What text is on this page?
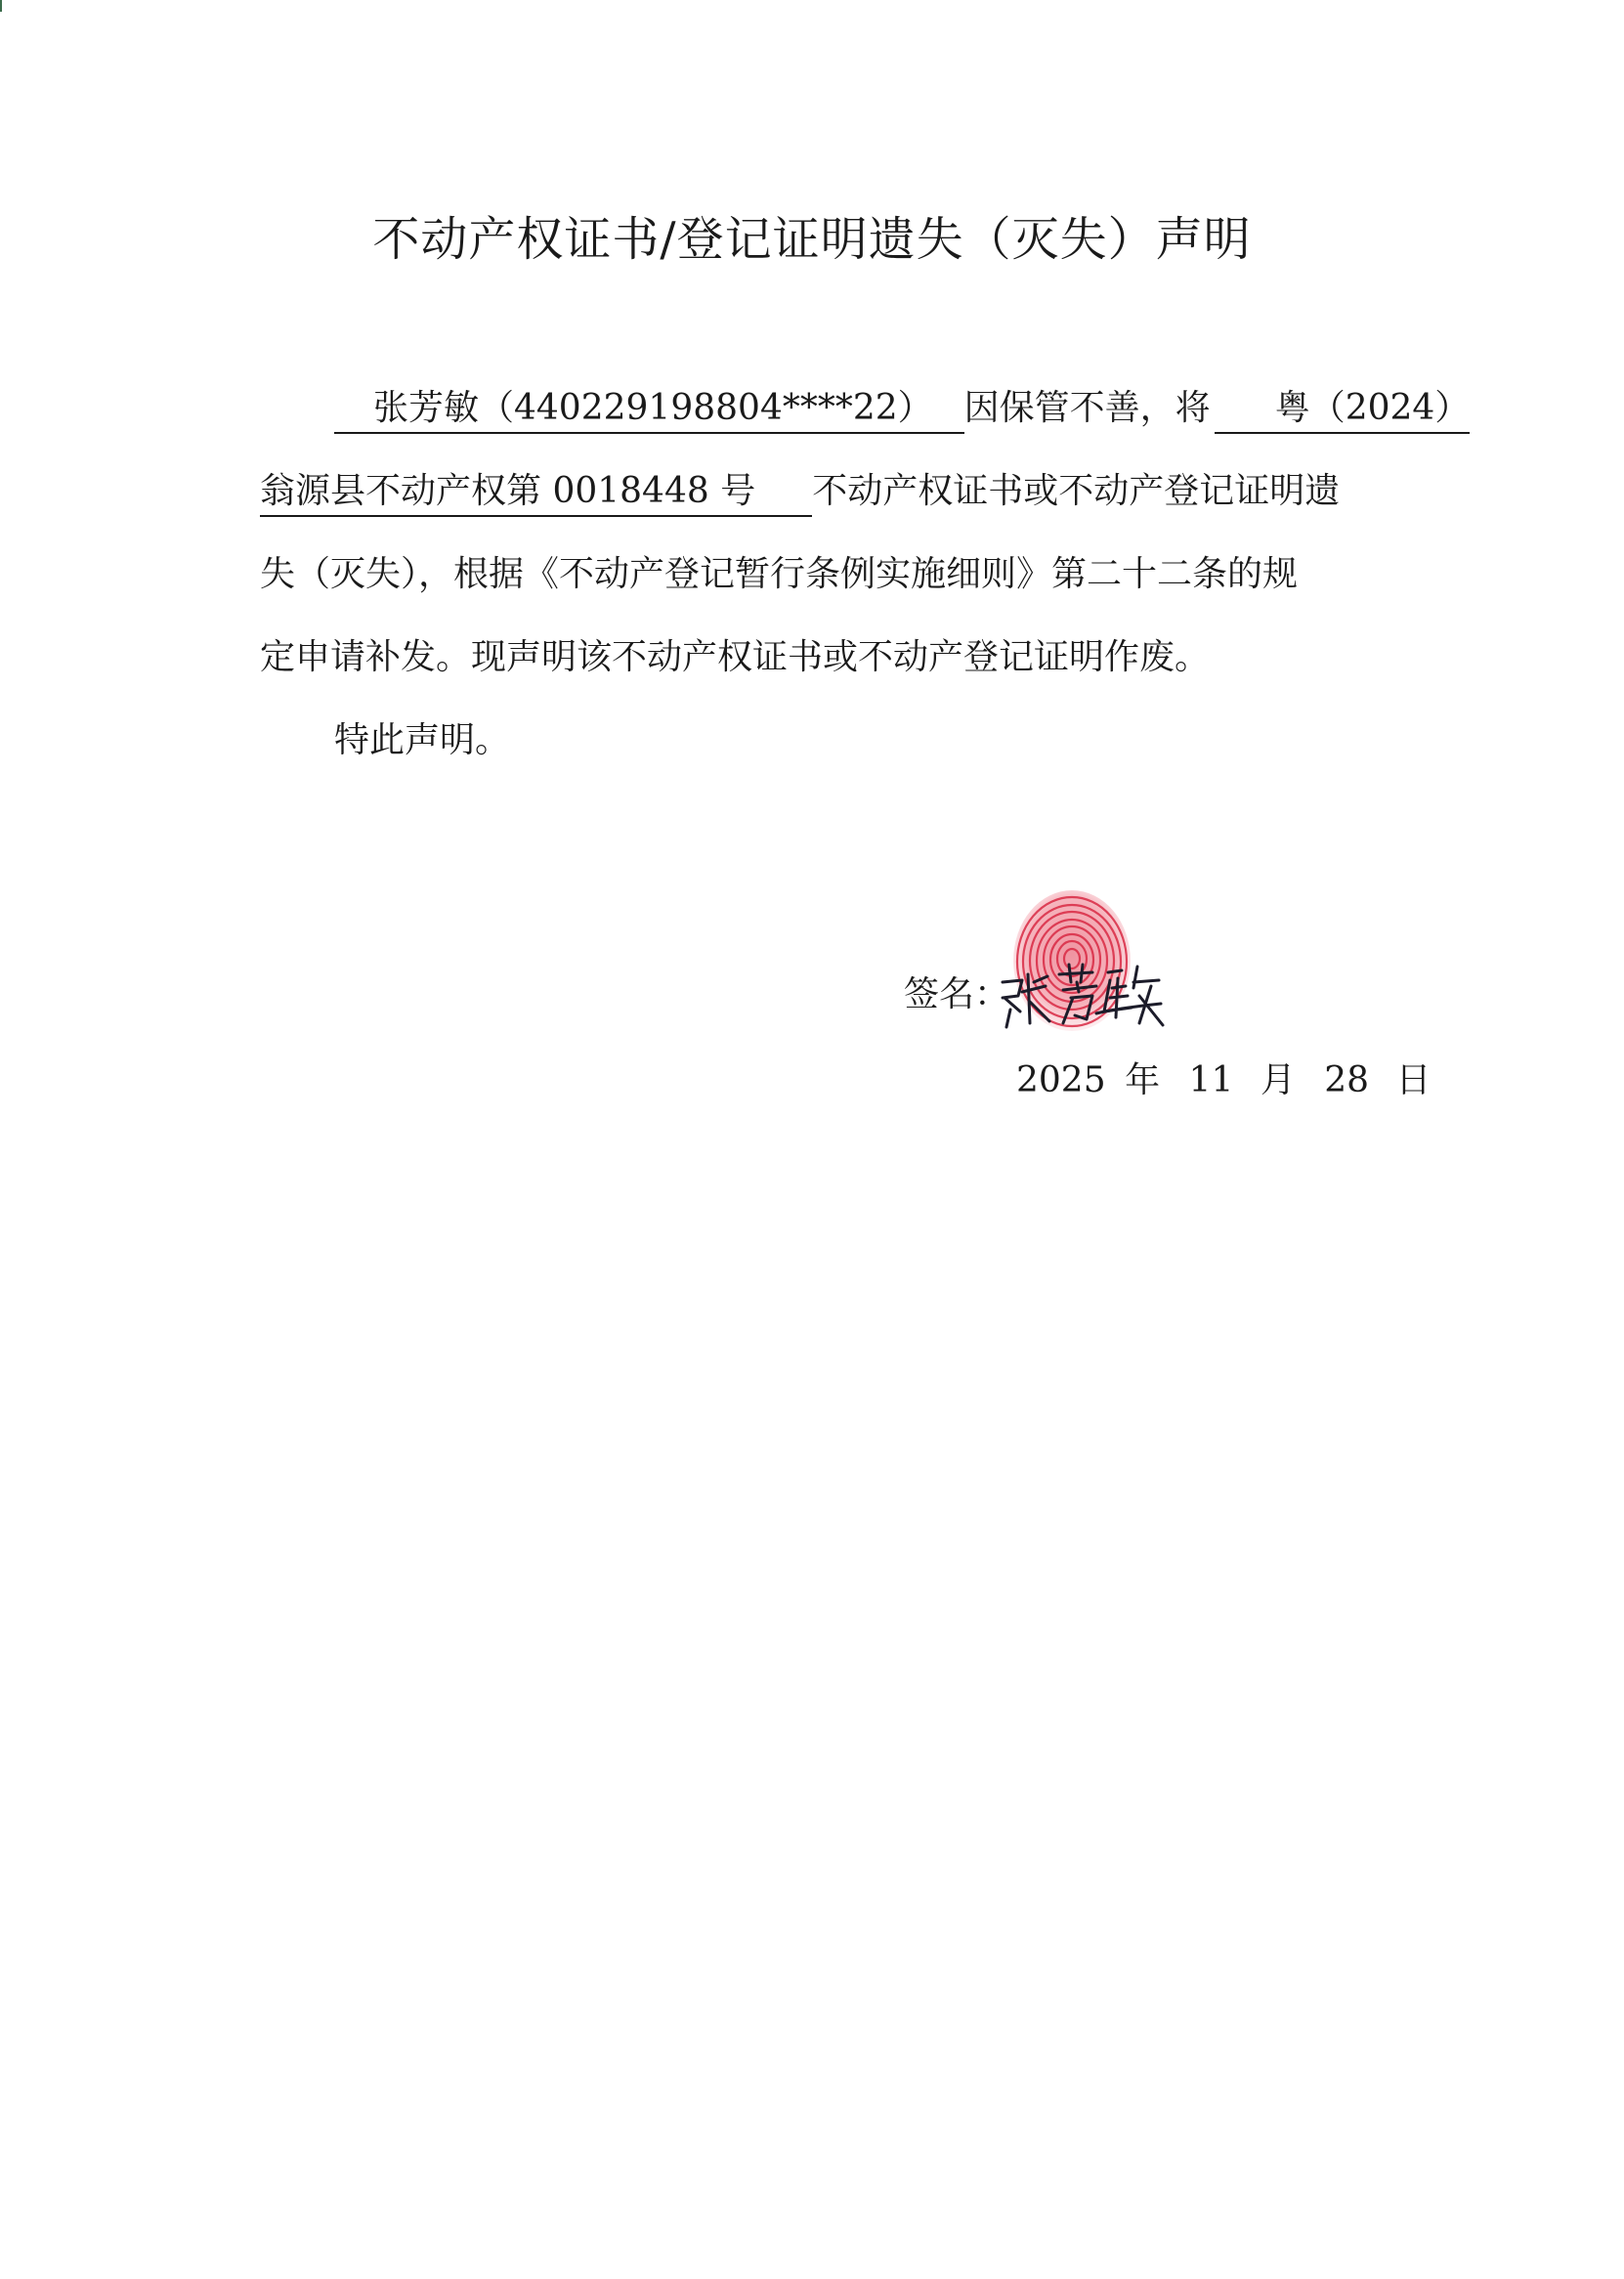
不动产权证书/登记证明遗失（灭失）声明
张芳敏（440229198804****22） 因保管不善，将 粤（2024）
翁源县不动产权第 0018448 号 不动产权证书或不动产登记证明遗
失（灭失），根据《不动产登记暂行条例实施细则》第二十二条的规
定申请补发。现声明该不动产权证书或不动产登记证明作废。
特此声明。
签名：
2025 年 11 月 28 日
